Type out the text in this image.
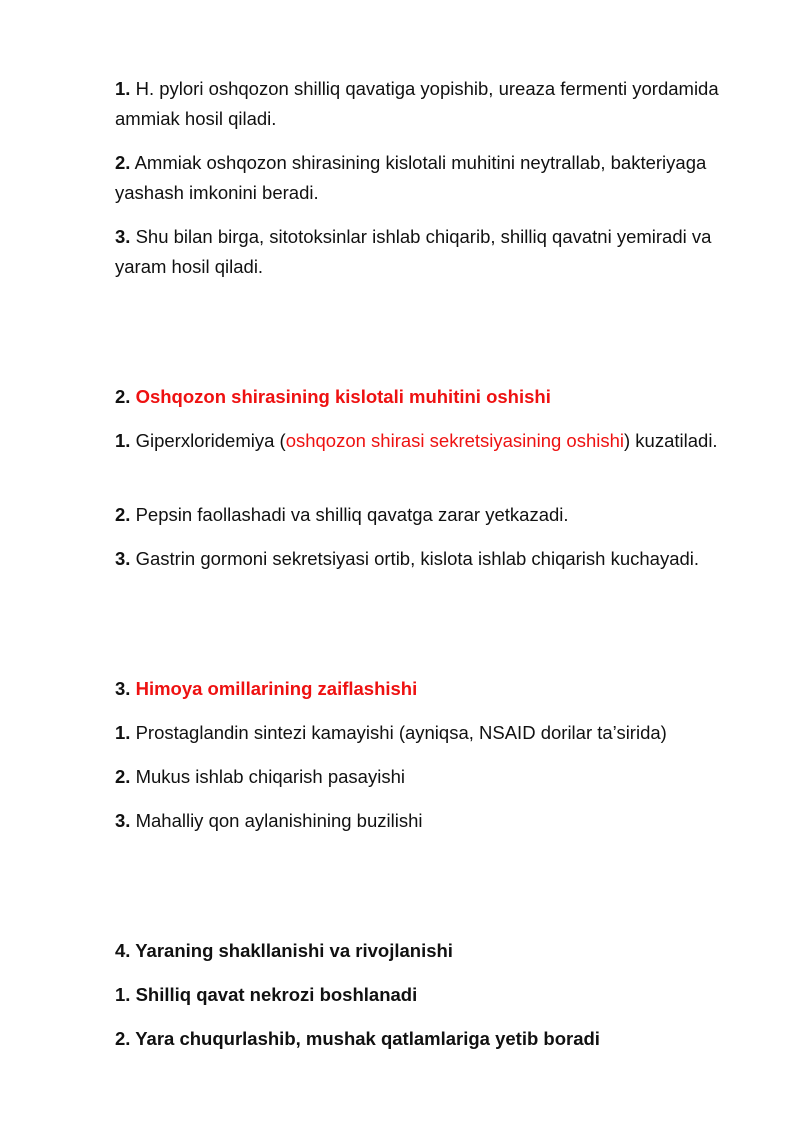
1. H. pylori oshqozon shilliq qavatiga yopishib, ureaza fermenti yordamida ammiak hosil qiladi.

2. Ammiak oshqozon shirasining kislotali muhitini neytrallab, bakteriyaga yashash imkonini beradi.

3. Shu bilan birga, sitotoksinlar ishlab chiqarib, shilliq qavatni yemiradi va yaram hosil qiladi.

2. Oshqozon shirasining kislotali muhitini oshishi

1. Giperxloridemiya (oshqozon shirasi sekretsiyasining oshishi) kuzatiladi.

2. Pepsin faollashadi va shilliq qavatga zarar yetkazadi.

3. Gastrin gormoni sekretsiyasi ortib, kislota ishlab chiqarish kuchayadi.

3. Himoya omillarining zaiflashishi

1. Prostaglandin sintezi kamayishi (ayniqsa, NSAID dorilar ta’sirida)

2. Mukus ishlab chiqarish pasayishi

3. Mahalliy qon aylanishining buzilishi

4. Yaraning shakllanishi va rivojlanishi

1. Shilliq qavat nekrozi boshlanadi

2. Yara chuqurlashib, mushak qatlamlariga yetib boradi
